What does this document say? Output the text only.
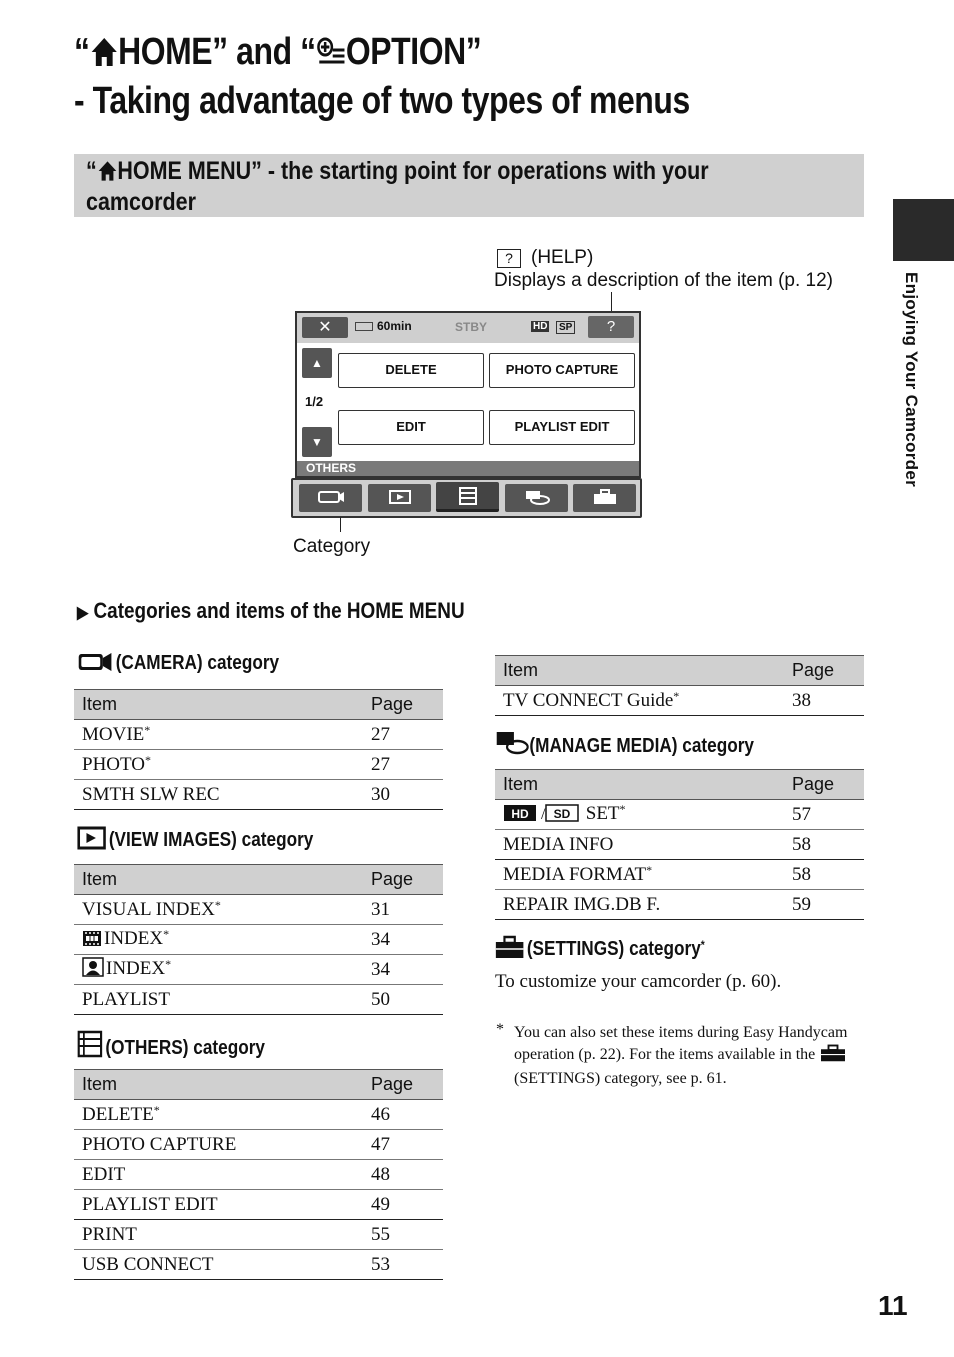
“ HOME” and “ OPTION”
- Taking advantage of two types of menus
“ HOME MENU” - the starting point for operations with your
camcorder
Enjoying Your Camcorder
? (HELP)
Displays a description of the item (p. 12)
✕	60min	STBY	HD	SP	?
▲
1/2
▼
DELETE	PHOTO CAPTURE
EDIT	PLAYLIST EDIT
OTHERS
Category
▶ Categories and items of the HOME MENU
(CAMERA) category
Item	Page
MOVIE*	27
PHOTO*	27
SMTH SLW REC	30
(VIEW IMAGES) category
Item	Page
VISUAL INDEX*	31
INDEX*	34
INDEX*	34
PLAYLIST	50
(OTHERS) category
Item	Page
DELETE*	46
PHOTO CAPTURE	47
EDIT	48
PLAYLIST EDIT	49
PRINT	55
USB CONNECT	53
Item	Page
TV CONNECT Guide*	38
(MANAGE MEDIA) category
Item	Page

HD / SD SET*	57
MEDIA INFO	58
MEDIA FORMAT*	58
REPAIR IMG.DB F.	59
(SETTINGS) category*
To customize your camcorder (p. 60).
* You can also set these items during Easy Handycam operation (p. 22). For the items available in the  (SETTINGS) category, see p. 61.
11
